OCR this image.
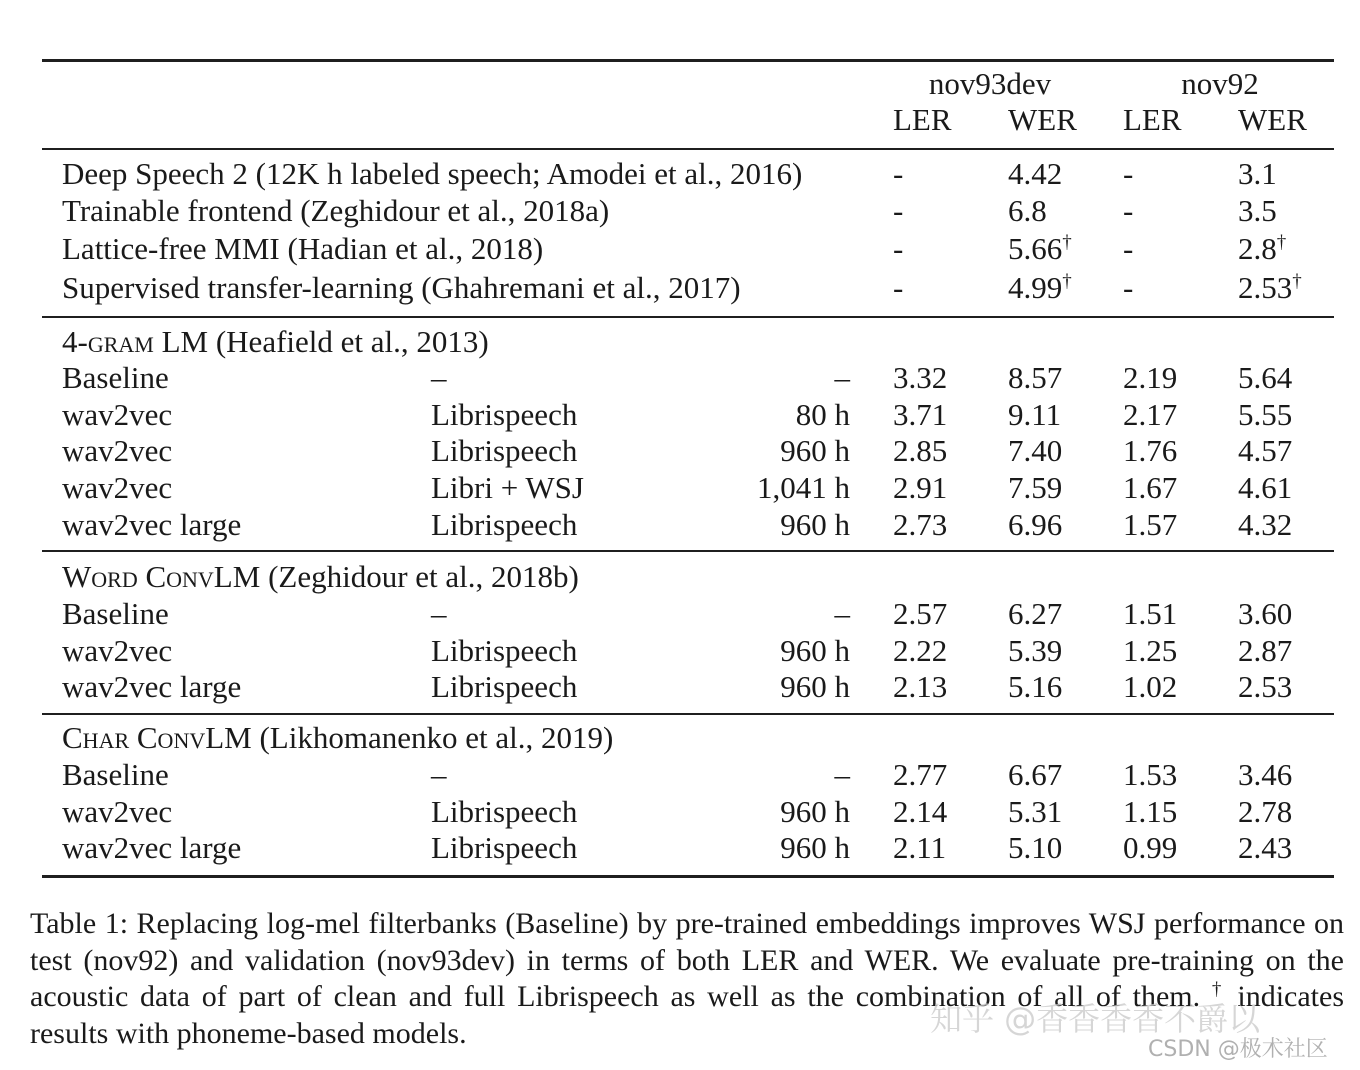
nov93dev	nov92
LER WER LER WER
Deep Speech 2 (12K h labeled speech; Amodei et al., 2016)	-	4.42 -	3.1
Trainable frontend (Zeghidour et al., 2018a)	-	6.8 -	3.5
Lattice-free MMI (Hadian et al., 2018)	-	5.66† -	2.8†
Supervised transfer-learning (Ghahremani et al., 2017)	-	4.99† -	2.53†
4-gram LM (Heafield et al., 2013)
Baseline	–	– 3.32 8.57 2.19 5.64
wav2vec	Librispeech	80 h 3.71 9.11 2.17 5.55
wav2vec	Librispeech	960 h 2.85 7.40 1.76 4.57
wav2vec	Libri + WSJ	1,041 h 2.91 7.59 1.67 4.61
wav2vec large	Librispeech	960 h 2.73 6.96 1.57 4.32
Word ConvLM (Zeghidour et al., 2018b)
Baseline	–	– 2.57 6.27 1.51 3.60
wav2vec	Librispeech	960 h 2.22 5.39 1.25 2.87
wav2vec large	Librispeech	960 h 2.13 5.16 1.02 2.53
Char ConvLM (Likhomanenko et al., 2019)
Baseline	–	– 2.77 6.67 1.53 3.46
wav2vec	Librispeech	960 h 2.14 5.31 1.15 2.78
wav2vec large	Librispeech	960 h 2.11 5.10 0.99 2.43
Table 1: Replacing log-mel filterbanks (Baseline) by pre-trained embeddings improves WSJ performance on test (nov92) and validation (nov93dev) in terms of both LER and WER. We evaluate pre-training on the acoustic data of part of clean and full Librispeech as well as the combination of all of them. † indicates results with phoneme-based models.	知乎 @香香香香不爵以
CSDN @极术社区
